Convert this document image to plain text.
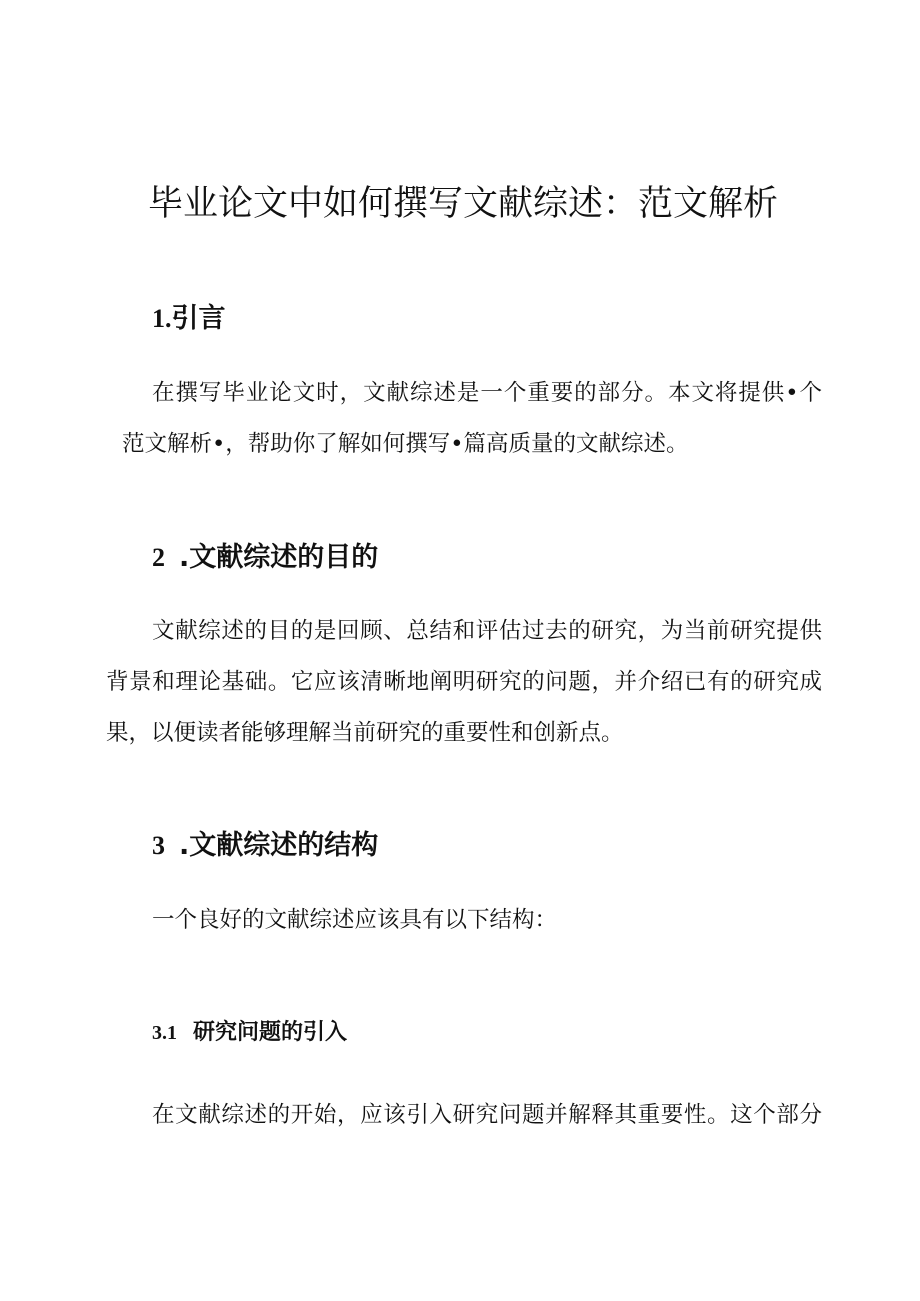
毕业论文中如何撰写文献综述：范文解析
1.引言
在撰写毕业论文时，文献综述是一个重要的部分。本文将提供•个
范文解析•，帮助你了解如何撰写•篇高质量的文献综述。
2 .文献综述的目的
文献综述的目的是回顾、总结和评估过去的研究，为当前研究提供
背景和理论基础。它应该清晰地阐明研究的问题，并介绍已有的研究成
果，以便读者能够理解当前研究的重要性和创新点。
3 .文献综述的结构
一个良好的文献综述应该具有以下结构：
3.1 研究问题的引入
在文献综述的开始，应该引入研究问题并解释其重要性。这个部分
